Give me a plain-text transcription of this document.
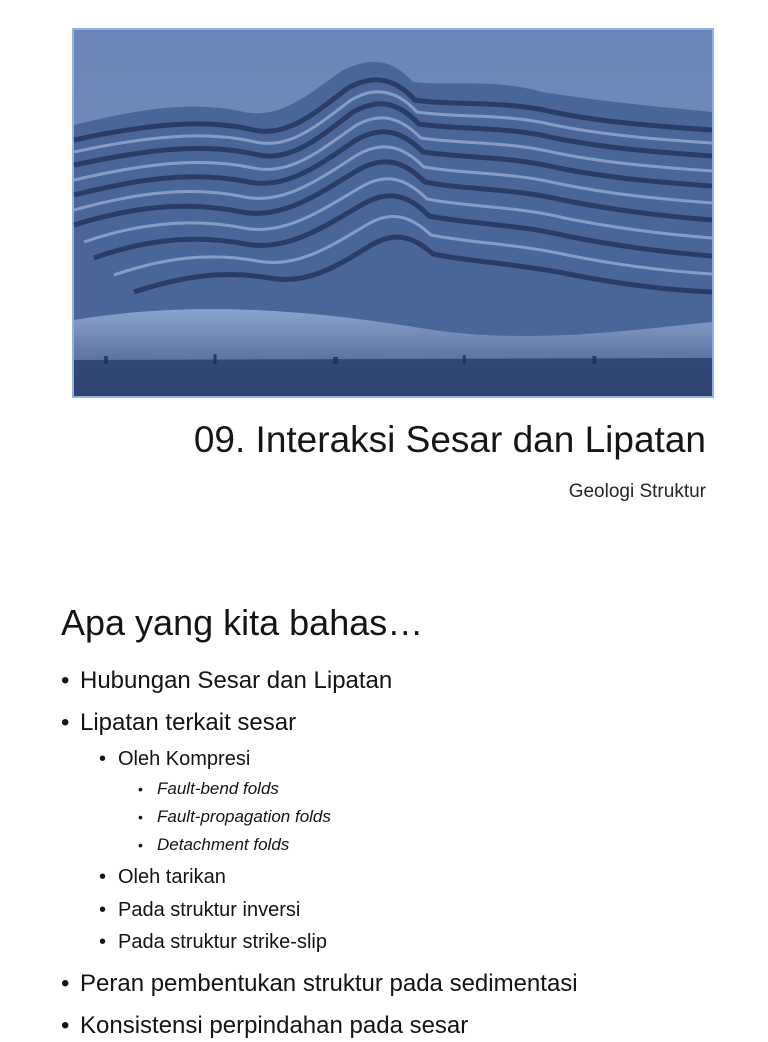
09. Interaksi Sesar dan Lipatan
Geologi Struktur
Apa yang kita bahas…
• Hubungan Sesar dan Lipatan
• Lipatan terkait sesar
• Oleh Kompresi
• Fault-bend folds
• Fault-propagation folds
• Detachment folds
• Oleh tarikan
• Pada struktur inversi
• Pada struktur strike-slip
• Peran pembentukan struktur pada sedimentasi
• Konsistensi perpindahan pada sesar
